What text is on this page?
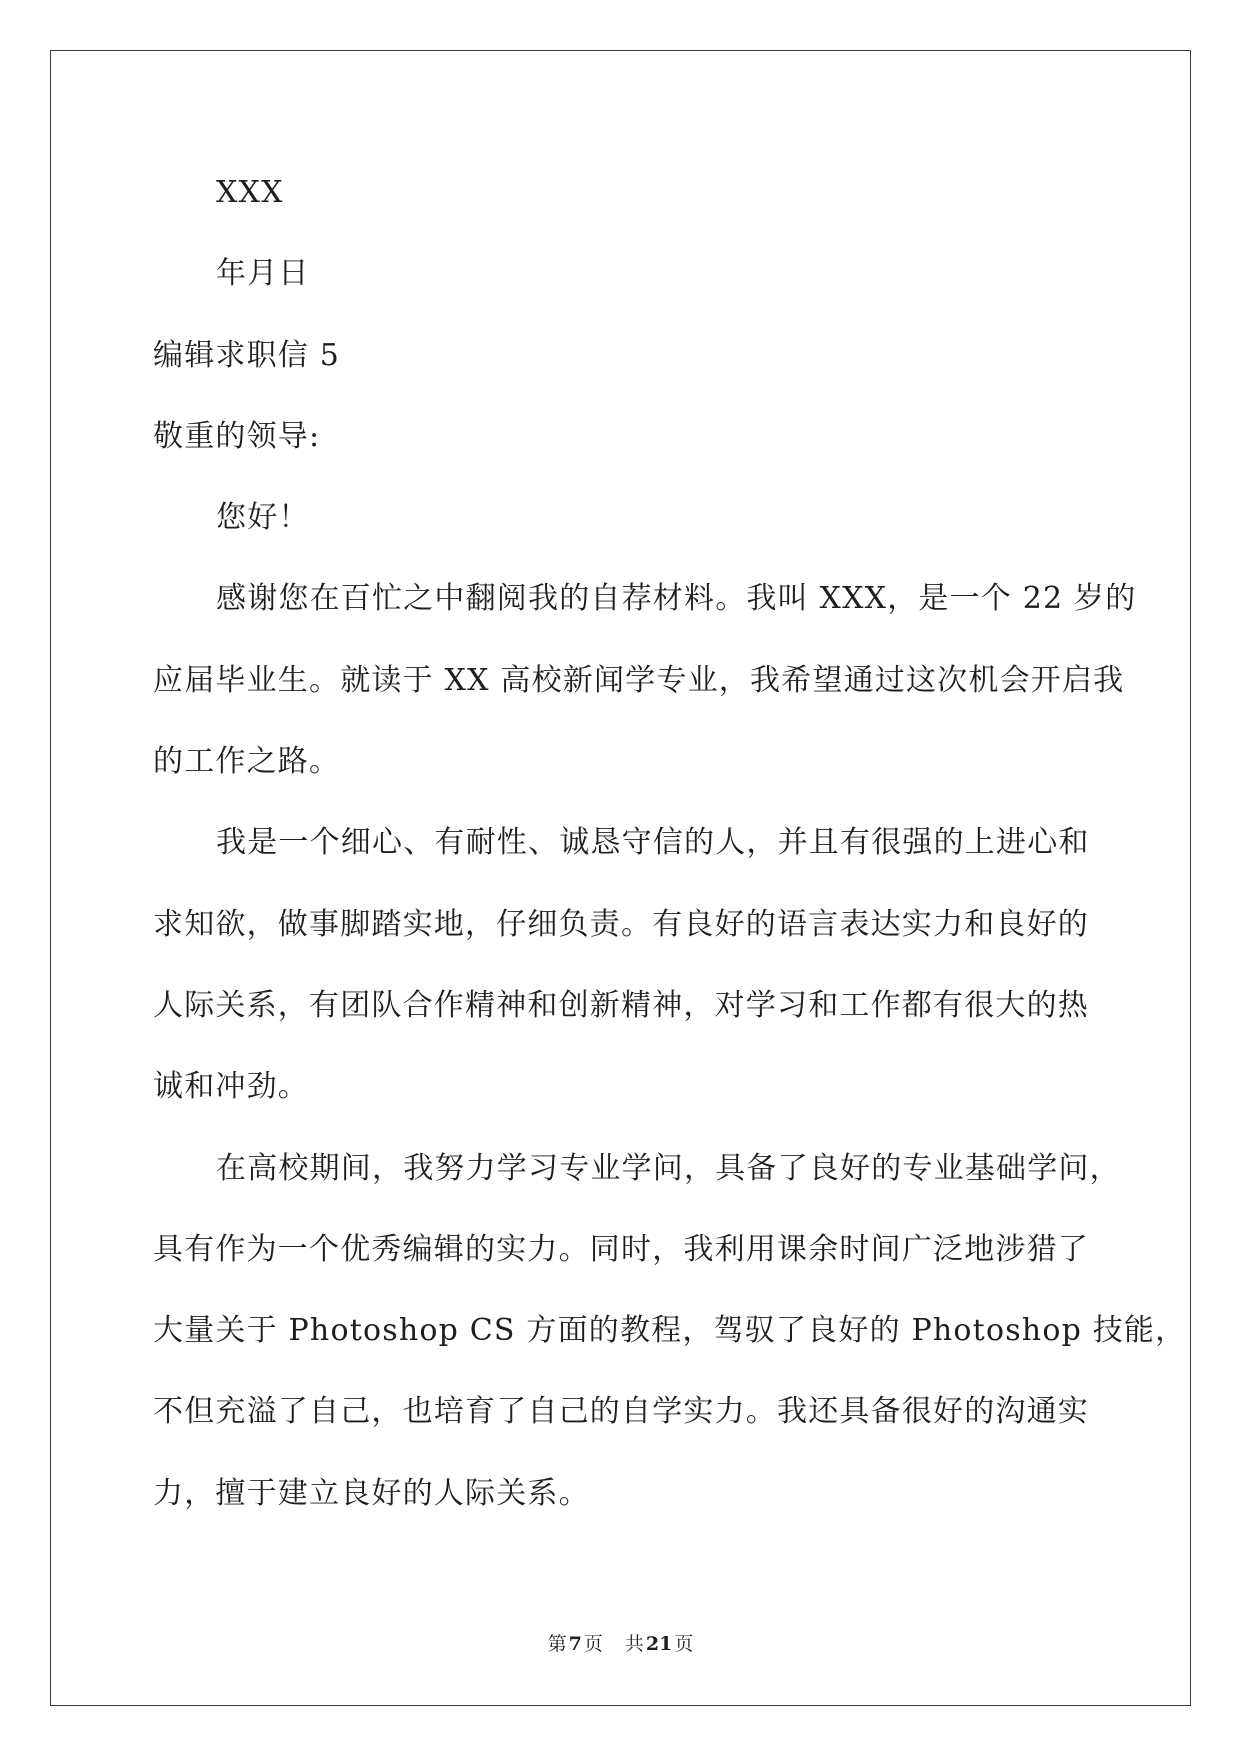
XXX
年月日
编辑求职信 5
敬重的领导:
您好！
感谢您在百忙之中翻阅我的自荐材料。我叫 XXX，是一个 22 岁的
应届毕业生。就读于 XX 高校新闻学专业，我希望通过这次机会开启我
的工作之路。
我是一个细心、有耐性、诚恳守信的人，并且有很强的上进心和
求知欲，做事脚踏实地，仔细负责。有良好的语言表达实力和良好的
人际关系，有团队合作精神和创新精神，对学习和工作都有很大的热
诚和冲劲。
在高校期间，我努力学习专业学问，具备了良好的专业基础学问，
具有作为一个优秀编辑的实力。同时，我利用课余时间广泛地涉猎了
大量关于 Photoshop CS 方面的教程，驾驭了良好的 Photoshop 技能，
不但充溢了自己，也培育了自己的自学实力。我还具备很好的沟通实
力，擅于建立良好的人际关系。
第 7 页 共 21 页
